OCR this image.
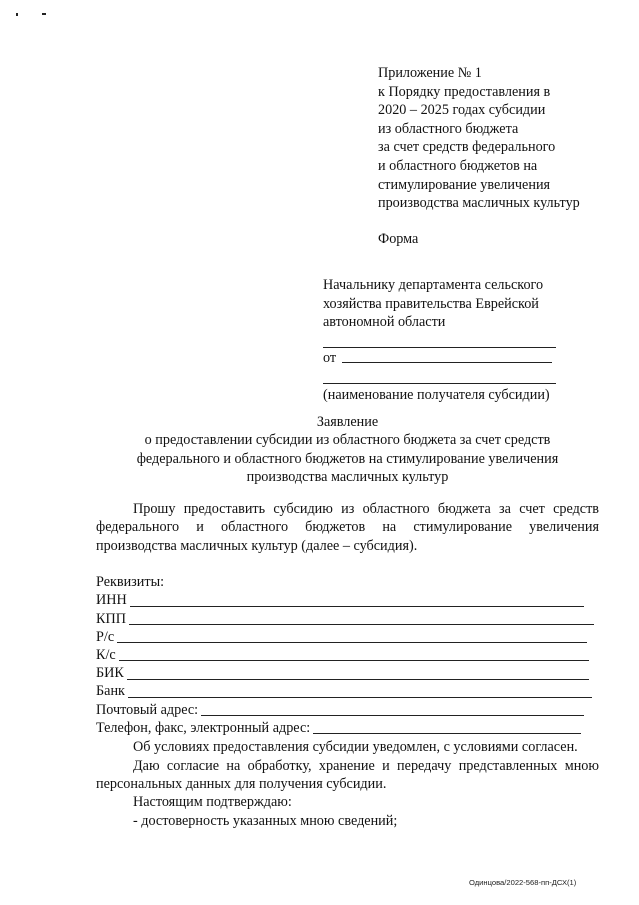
Приложение № 1
к Порядку предоставления в
2020 – 2025 годах субсидии
из областного бюджета
за счет средств федерального
и областного бюджетов на
стимулирование увеличения
производства масличных культур
Форма
Начальнику департамента сельского
хозяйства правительства Еврейской
автономной области
от
(наименование получателя субсидии)
Заявление
о предоставлении субсидии из областного бюджета за счет средств
федерального и областного бюджетов на стимулирование увеличения
производства масличных культур
Прошу предоставить субсидию из областного бюджета за счет средств федерального и областного бюджетов на стимулирование увеличения производства масличных культур (далее – субсидия).
Реквизиты:
ИНН
КПП
Р/с
К/с
БИК
Банк
Почтовый адрес:
Телефон, факс, электронный адрес:
Об условиях предоставления субсидии уведомлен, с условиями согласен.
Даю согласие на обработку, хранение и передачу представленных мною персональных данных для получения субсидии.
Настоящим подтверждаю:
- достоверность указанных мною сведений;
Одинцова/2022-568-пп-ДСХ(1)
